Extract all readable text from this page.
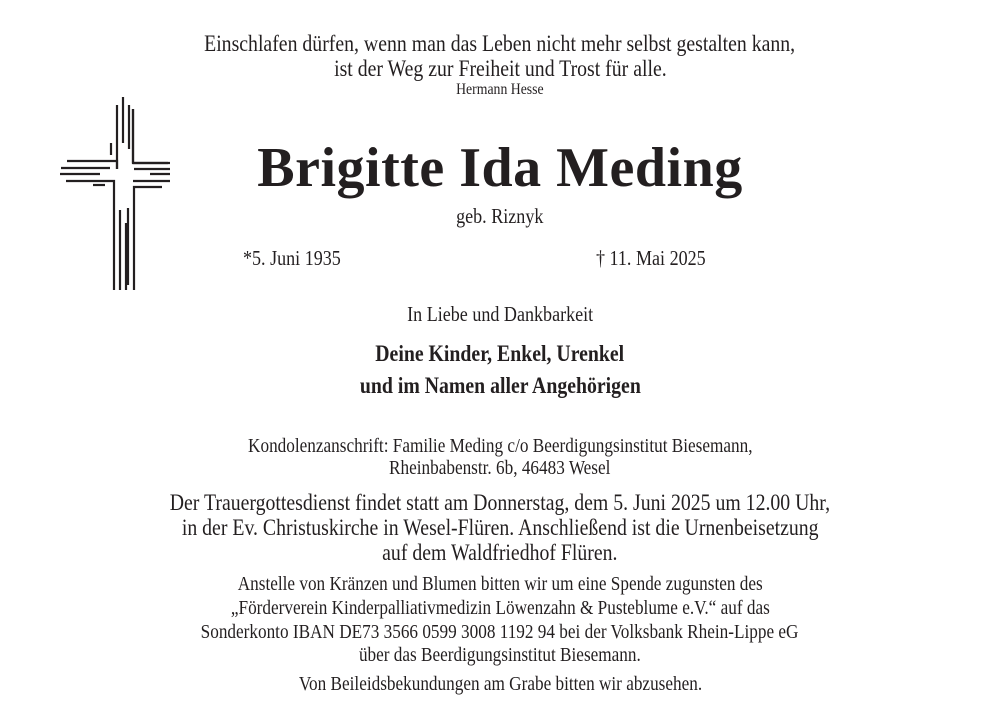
Einschlafen dürfen, wenn man das Leben nicht mehr selbst gestalten kann,
ist der Weg zur Freiheit und Trost für alle.
Hermann Hesse
Brigitte Ida Meding
geb. Riznyk
*5. Juni 1935	† 11. Mai 2025
In Liebe und Dankbarkeit
Deine Kinder, Enkel, Urenkel
und im Namen aller Angehörigen
Kondolenzanschrift: Familie Meding c/o Beerdigungsinstitut Biesemann,
Rheinbabenstr. 6b, 46483 Wesel
Der Trauergottesdienst findet statt am Donnerstag, dem 5. Juni 2025 um 12.00 Uhr,
in der Ev. Christuskirche in Wesel-Flüren. Anschließend ist die Urnenbeisetzung
auf dem Waldfriedhof Flüren.
Anstelle von Kränzen und Blumen bitten wir um eine Spende zugunsten des
„Förderverein Kinderpalliativmedizin Löwenzahn & Pusteblume e.V.“ auf das
Sonderkonto IBAN DE73 3566 0599 3008 1192 94 bei der Volksbank Rhein-Lippe eG
über das Beerdigungsinstitut Biesemann.
Von Beileidsbekundungen am Grabe bitten wir abzusehen.
